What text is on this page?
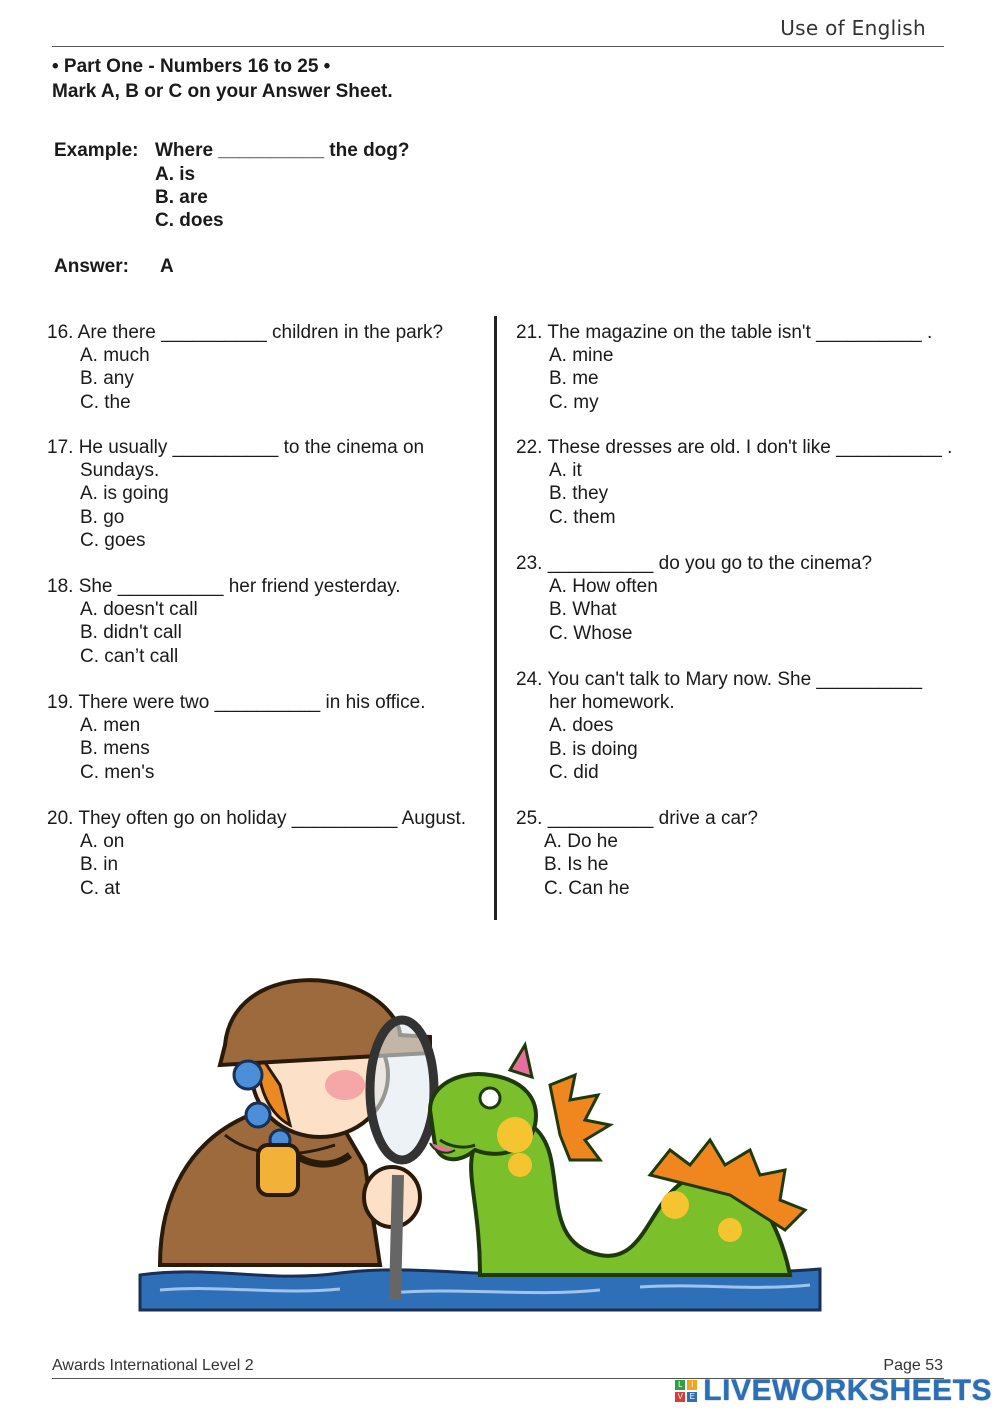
Use of English
• Part One - Numbers 16 to 25 •
Mark A, B or C on your Answer Sheet.
Example: Where __________ the dog?
A. is
B. are
C. does
Answer: A
16. Are there __________ children in the park?
A. much
B. any
C. the
17. He usually __________ to the cinema on
Sundays.
A. is going
B. go
C. goes
18. She __________ her friend yesterday.
A. doesn't call
B. didn't call
C. can’t call
19. There were two __________ in his office.
A. men
B. mens
C. men's
20. They often go on holiday __________ August.
A. on
B. in
C. at
21. The magazine on the table isn't __________ .
A. mine
B. me
C. my
22. These dresses are old. I don't like __________ .
A. it
B. they
C. them
23. __________ do you go to the cinema?
A. How often
B. What
C. Whose
24. You can't talk to Mary now. She __________
her homework.
A. does
B. is doing
C. did
25. __________ drive a car?
A. Do he
B. Is he
C. Can he
Awards International Level 2	Page 53
L	I
V E LIVEWORKSHEETS
